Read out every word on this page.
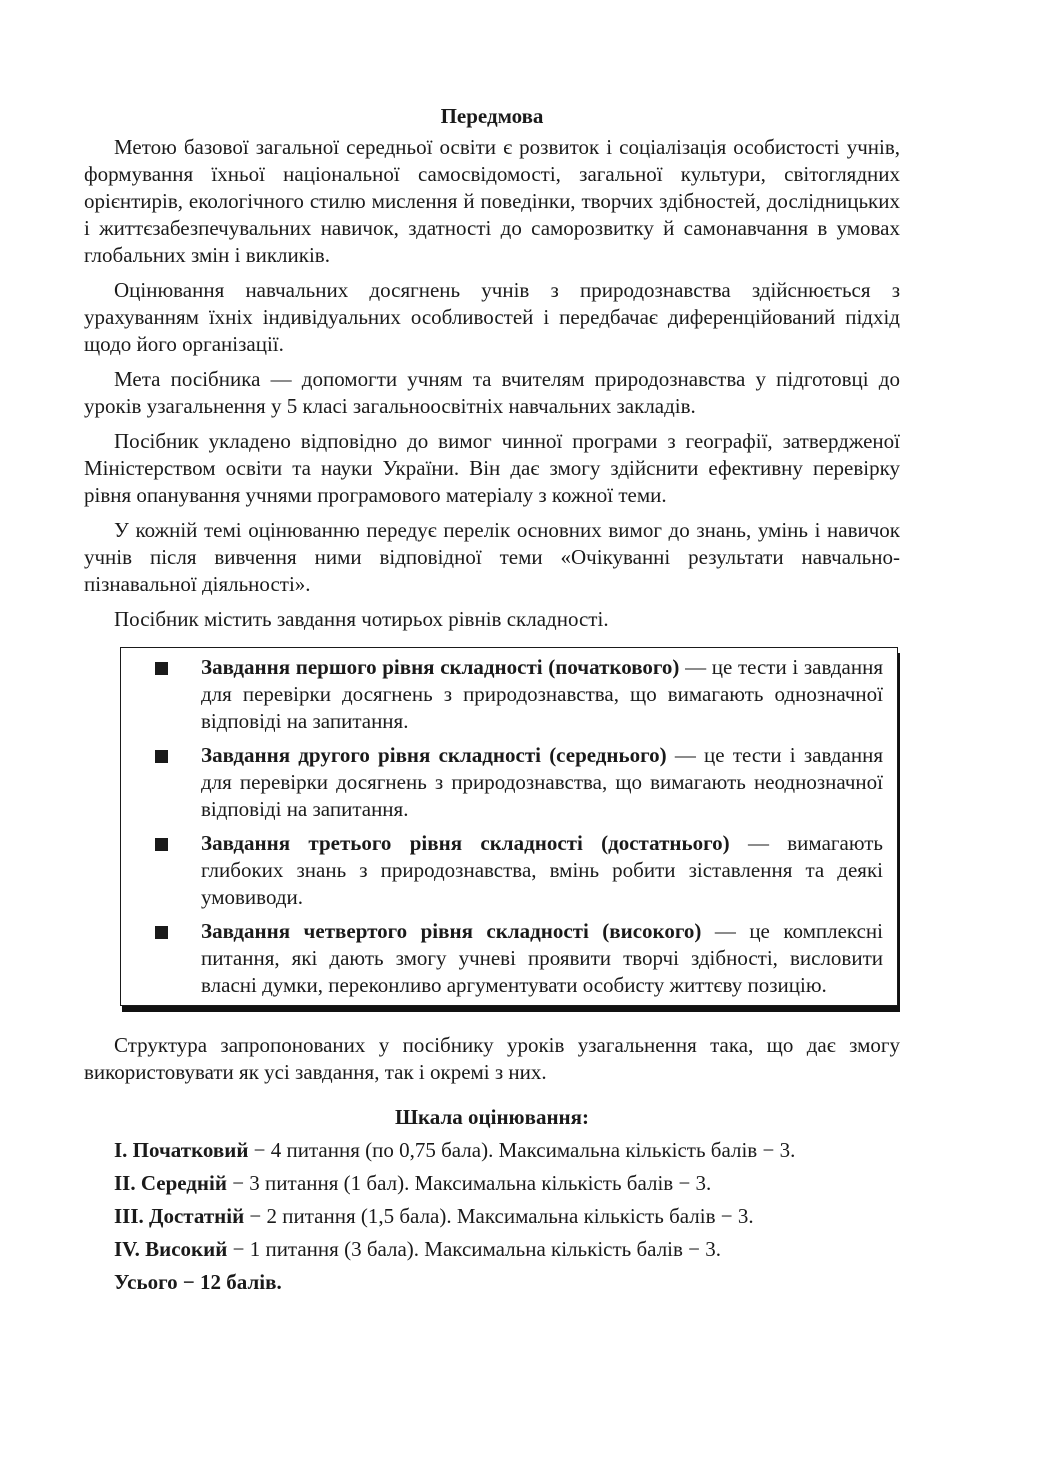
Передмова

Метою базової загальної середньої освіти є розвиток і соціалізація особистості учнів, формування їхньої національної самосвідомості, загальної культури, світоглядних орієнтирів, екологічного стилю мислення й поведінки, творчих здібностей, дослідницьких і життєзабезпечувальних навичок, здатності до саморозвитку й самонавчання в умовах глобальних змін і викликів.

Оцінювання навчальних досягнень учнів з природознавства здійснюється з урахуванням їхніх індивідуальних особливостей і передбачає диференційований підхід щодо його організації.

Мета посібника — допомогти учням та вчителям природознавства у підготовці до уроків узагальнення у 5 класі загальноосвітніх навчальних закладів.

Посібник укладено відповідно до вимог чинної програми з географії, затвердженої Міністерством освіти та науки України. Він дає змогу здійснити ефективну перевірку рівня опанування учнями програмового матеріалу з кожної теми.

У кожній темі оцінюванню передує перелік основних вимог до знань, умінь і навичок учнів після вивчення ними відповідної теми «Очікуванні результати навчально-пізнавальної діяльності».

Посібник містить завдання чотирьох рівнів складності.

Завдання першого рівня складності (початкового) — це тести і завдання для перевірки досягнень з природознавства, що вимагають однозначної відповіді на запитання.
Завдання другого рівня складності (середнього) — це тести і завдання для перевірки досягнень з природознавства, що вимагають неоднозначної відповіді на запитання.
Завдання третього рівня складності (достатнього) — вимагають глибоких знань з природознавства, вмінь робити зіставлення та деякі умовиводи.
Завдання четвертого рівня складності (високого) — це комплексні питання, які дають змогу учневі проявити творчі здібності, висловити власні думки, переконливо аргументувати особисту життєву позицію.

Структура запропонованих у посібнику уроків узагальнення така, що дає змогу використовувати як усі завдання, так і окремі з них.

Шкала оцінювання:
I. Початковий − 4 питання (по 0,75 бала). Максимальна кількість балів − 3.
II. Середній − 3 питання (1 бал). Максимальна кількість балів − 3.
III. Достатній − 2 питання (1,5 бала). Максимальна кількість балів − 3.
IV. Високий − 1 питання (3 бала). Максимальна кількість балів − 3.
Усього − 12 балів.
